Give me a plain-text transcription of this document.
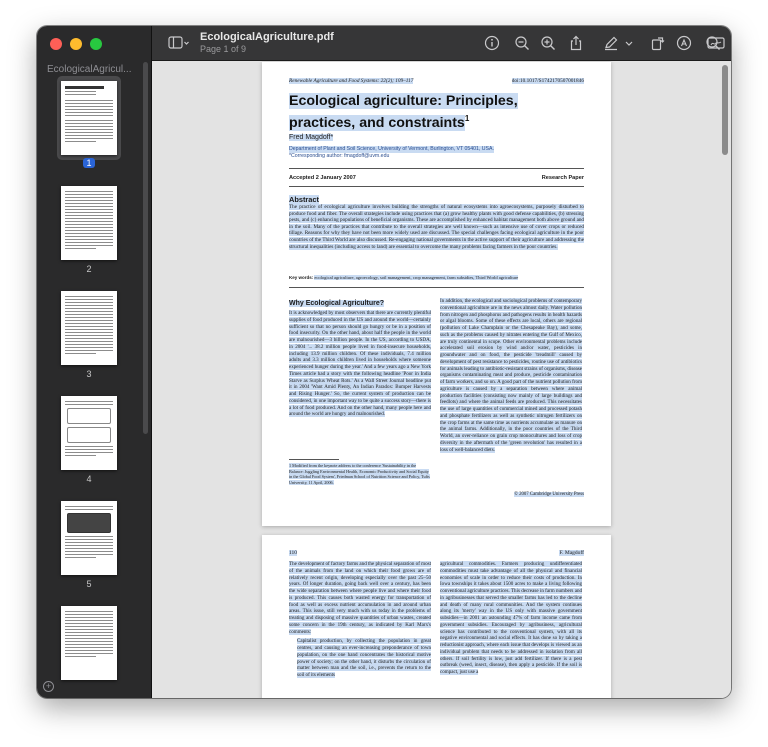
EcologicalAgricul...
1
2
3
4
5
+
EcologicalAgriculture.pdf
Page 1 of 9
Renewable Agriculture and Food Systems: 22(2); 109–117	doi:10.1017/S1742170507001846
Ecological agriculture: Principles, practices, and constraints$^1$
Fred Magdoff*
Department of Plant and Soil Science, University of Vermont, Burlington, VT 05401, USA.
*Corresponding author: fmagdoff@uvm.edu
Accepted 2 January 2007	Research Paper
Abstract
The practice of ecological agriculture involves building the strengths of natural ecosystems into agroecosystems, purposely disturbed to produce food and fiber. The overall strategies include using practices that (a) grow healthy plants with good defense capabilities, (b) stressing pests, and (c) enhancing populations of beneficial organisms. These are accomplished by enhanced habitat management both above ground and in the soil. Many of the practices that contribute to the overall strategies are well known—such as intensive use of cover crops or reduced tillage. Reasons for why they have not been more widely used are discussed. The special challenges facing ecological agriculture in the poor countries of the Third World are also discussed. Re-engaging national governments in the active support of their agriculture and addressing the structural inequalities (including access to land) are essential to overcome the many problems facing farmers in the poor countries.
Key words: ecological agriculture, agroecology, soil management, crop management, farm subsidies, Third World agriculture
Why Ecological Agriculture?
It is acknowledged by most observers that there are currently plentiful supplies of food produced in the US and around the world—certainly sufficient so that no person should go hungry or be in a position of food insecurity. On the other hand, about half the people in the world are malnourished—3 billion people. In the US, according to USDA, in 2004 '... 38.2 million people lived in food-insecure households, including 13.9 million children. Of these individuals, 7.4 million adults and 3.3 million children lived in households where someone experienced hunger during the year.' And a few years ago a New York Times article had a story with the following headline 'Poor in India Starve as Surplus Wheat Rots.' As a Wall Street Journal headline put it in 2004 'Want Amid Plenty, An Indian Paradox: Bumper Harvests and Rising Hunger.' So, the current system of production can be considered, in one important way to be quite a success story—there is a lot of food produced. And on the other hand, many people here and around the world are hungry and malnourished.
1 Modified from the keynote address to the conference 'Sustainability in the Balance: Juggling Environmental Health, Economic Productivity and Social Equity in the Global Food System', Friedman School of Nutrition Science and Policy, Tufts University, 11 April, 2006.
In addition, the ecological and sociological problems of contemporary conventional agriculture are in the news almost daily. Water pollution from nitrogen and phosphorus and pathogens results in health hazards or algal blooms. Some of these effects are local, others are regional (pollution of Lake Champlain or the Chesapeake Bay), and some, such as the problems caused by nitrates entering the Gulf of Mexico, are truly continental in scope. Other environmental problems include accelerated soil erosion by wind and/or water, pesticides in groundwater and on food, the pesticide 'treadmill' caused by development of pest resistance to pesticides, routine use of antibiotics for animals leading to antibiotic-resistant strains of organisms, disease organisms contaminating meat and produce, pesticide contamination of farm workers, and so on. A good part of the nutrient pollution from agriculture is caused by a separation between where animal production facilities (consisting now mainly of large buildings and feedlots) and where the animal feeds are produced. This necessitates the use of large quantities of commercial mined and processed potash and phosphate fertilizers as well as synthetic nitrogen fertilizers on the crop farms at the same time as nutrients accumulate as manure on the animal farms. Additionally, in the poor countries of the Third World, an over-reliance on grain crop monocultures and loss of crop diversity in the aftermath of the 'green revolution' has resulted in a loss of well-balanced diets.
© 2007 Cambridge University Press
110	F. Magdoff
The development of factory farms and the physical separation of most of the animals from the land on which their food grows are of relatively recent origin, developing especially over the past 25–50 years. Of longer duration, going back well over a century, has been the wide separation between where people live and where their food is produced. This causes both wasted energy for transportation of food as well as excess nutrient accumulation in and around urban areas. This issue, still very much with us today in the problems of treating and disposing of massive quantities of urban wastes, created some concern in the 19th century, as indicated by Karl Marx's comments:
Capitalist production, by collecting the population in great centres, and causing an ever-increasing preponderance of town population, on the one hand concentrates the historical motive power of society; on the other hand, it disturbs the circulation of matter between man and the soil, i.e., prevents the return to the soil of its elements
agricultural commodities. Farmers producing undifferentiated commodities must take advantage of all the physical and financial economies of scale in order to reduce their costs of production. In Iowa townships it takes about 1500 acres to make a living following conventional agriculture practices. This decrease in farm numbers and in agribusinesses that served the smaller farms has led to the decline and death of many rural communities. And the system continues along its 'merry' way in the US only with massive government subsidies—in 2001 an astounding 47% of farm income came from government subsidies. Encouraged by agribusiness, agricultural science has contributed to the conventional system, with all its negative environmental and social effects. It has done so by taking a reductionist approach, where each issue that develops is viewed as an individual problem that needs to be addressed in isolation from all others. If soil fertility is low, just add fertilizer. If there is a pest outbreak (weed, insect, disease), then apply a pesticide. If the soil is compact, just use a
